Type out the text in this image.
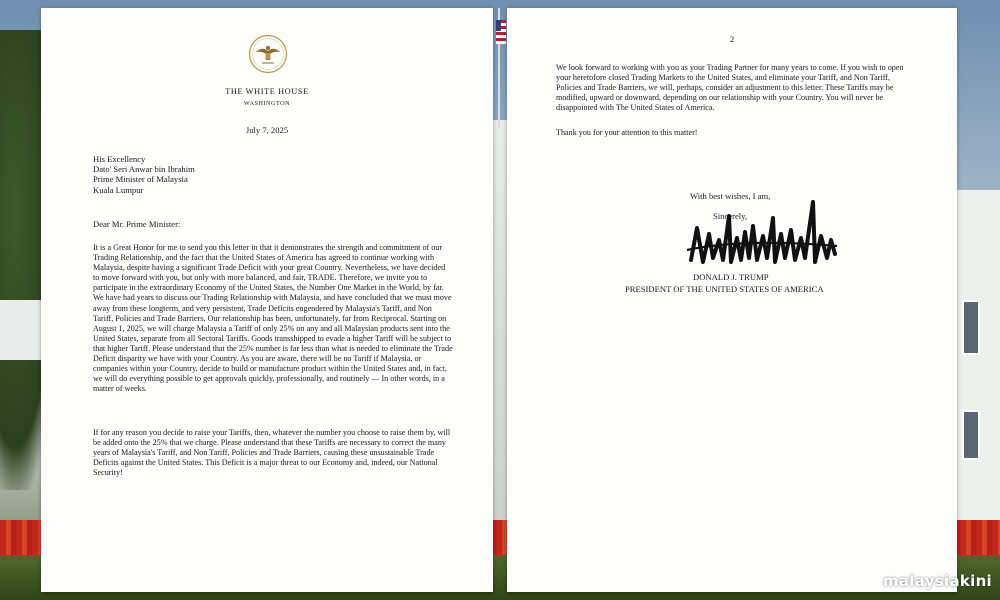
THE WHITE HOUSE
WASHINGTON
July 7, 2025
His Excellency
Dato' Seri Anwar bin Ibrahim
Prime Minister of Malaysia
Kuala Lumpur
Dear Mr. Prime Minister:
It is a Great Honor for me to send you this letter in that it demonstrates the strength and commitment of our Trading Relationship, and the fact that the United States of America has agreed to continue working with Malaysia, despite having a significant Trade Deficit with your great Country. Nevertheless, we have decided to move forward with you, but only with more balanced, and fair, TRADE. Therefore, we invite you to participate in the extraordinary Economy of the United States, the Number One Market in the World, by far. We have had years to discuss our Trading Relationship with Malaysia, and have concluded that we must move away from these longterm, and very persistent, Trade Deficits engendered by Malaysia's Tariff, and Non Tariff, Policies and Trade Barriers. Our relationship has been, unfortunately, far from Reciprocal. Starting on August 1, 2025, we will charge Malaysia a Tariff of only 25% on any and all Malaysian products sent into the United States, separate from all Sectoral Tariffs. Goods transshipped to evade a higher Tariff will be subject to that higher Tariff. Please understand that the 25% number is far less than what is needed to eliminate the Trade Deficit disparity we have with your Country. As you are aware, there will be no Tariff if Malaysia, or companies within your Country, decide to build or manufacture product within the United States and, in fact, we will do everything possible to get approvals quickly, professionally, and routinely — In other words, in a matter of weeks.
If for any reason you decide to raise your Tariffs, then, whatever the number you choose to raise them by, will be added onto the 25% that we charge. Please understand that these Tariffs are necessary to correct the many years of Malaysia's Tariff, and Non Tariff, Policies and Trade Barriers, causing these unsustainable Trade Deficits against the United States. This Deficit is a major threat to our Economy and, indeed, our National Security!
2
We look forward to working with you as your Trading Partner for many years to come. If you wish to open your heretofore closed Trading Markets to the United States, and eliminate your Tariff, and Non Tariff, Policies and Trade Barriers, we will, perhaps, consider an adjustment to this letter. These Tariffs may be modified, upward or downward, depending on our relationship with your Country. You will never be disappointed with The United States of America.
Thank you for your attention to this matter!
With best wishes, I am,
Sincerely,
DONALD J. TRUMP
PRESIDENT OF THE UNITED STATES OF AMERICA
malaysiakini
